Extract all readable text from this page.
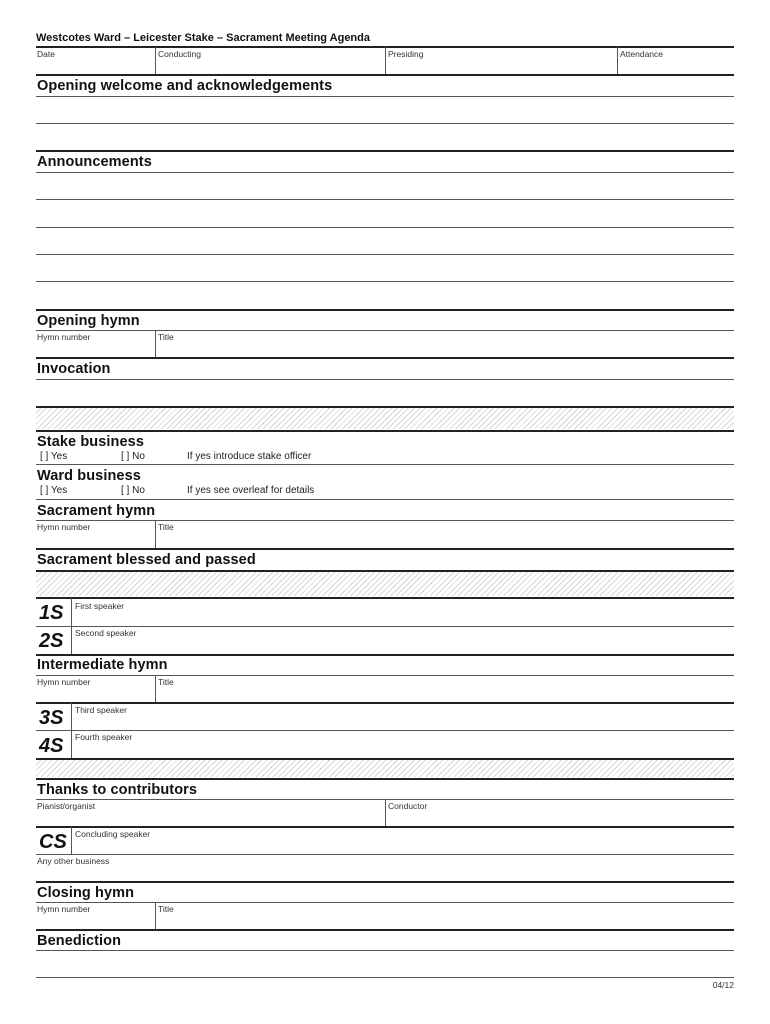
Westcotes Ward – Leicester Stake – Sacrament Meeting Agenda
Date	Conducting	Presiding	Attendance
Opening welcome and acknowledgements
Announcements
Opening hymn
Hymn number	Title
Invocation
Stake business
[ ] Yes	[ ] No	If yes introduce stake officer
Ward business
[ ] Yes	[ ] No	If yes see overleaf for details
Sacrament hymn
Hymn number	Title
Sacrament blessed and passed
1S First speaker
2S Second speaker
Intermediate hymn
Hymn number	Title
3S Third speaker
4S Fourth speaker
Thanks to contributors
Pianist/organist	Conductor
CS Concluding speaker
Any other business
Closing hymn
Hymn number	Title
Benediction
04/12
